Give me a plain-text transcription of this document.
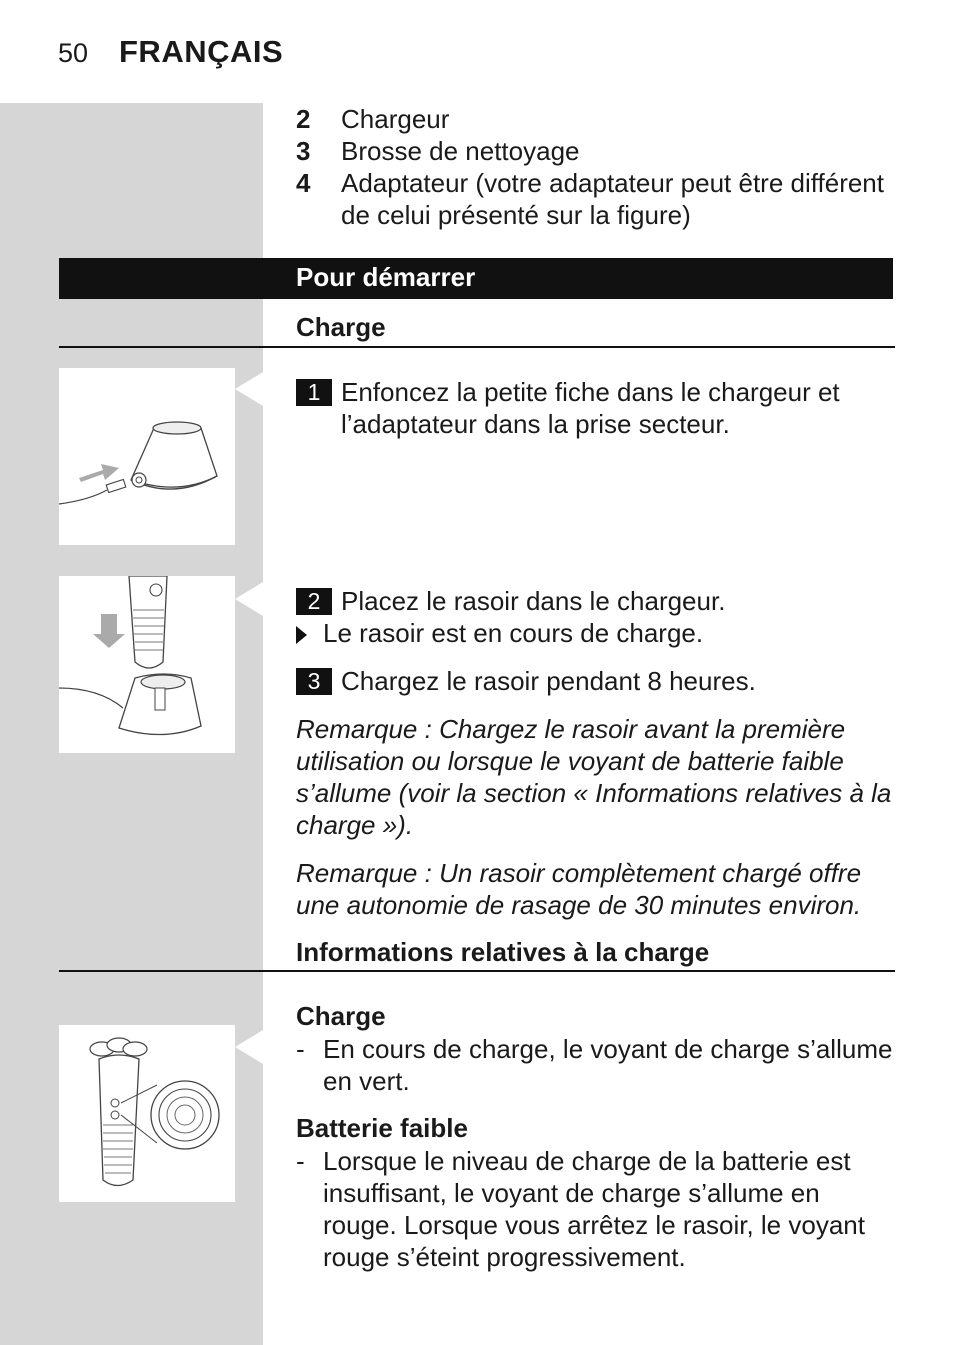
50 FRANÇAIS
2 Chargeur
3 Brosse de nettoyage
4 Adaptateur (votre adaptateur peut être différent de celui présenté sur la figure)
Pour démarrer
Charge
1 Enfoncez la petite fiche dans le chargeur et l’adaptateur dans la prise secteur.
2 Placez le rasoir dans le chargeur.
Le rasoir est en cours de charge.
3 Chargez le rasoir pendant 8 heures.
Remarque : Chargez le rasoir avant la première utilisation ou lorsque le voyant de batterie faible s’allume (voir la section « Informations relatives à la charge »).
Remarque : Un rasoir complètement chargé offre une autonomie de rasage de 30 minutes environ.
Informations relatives à la charge
Charge
- En cours de charge, le voyant de charge s’allume en vert.
Batterie faible
- Lorsque le niveau de charge de la batterie est insuffisant, le voyant de charge s’allume en rouge. Lorsque vous arrêtez le rasoir, le voyant rouge s’éteint progressivement.
